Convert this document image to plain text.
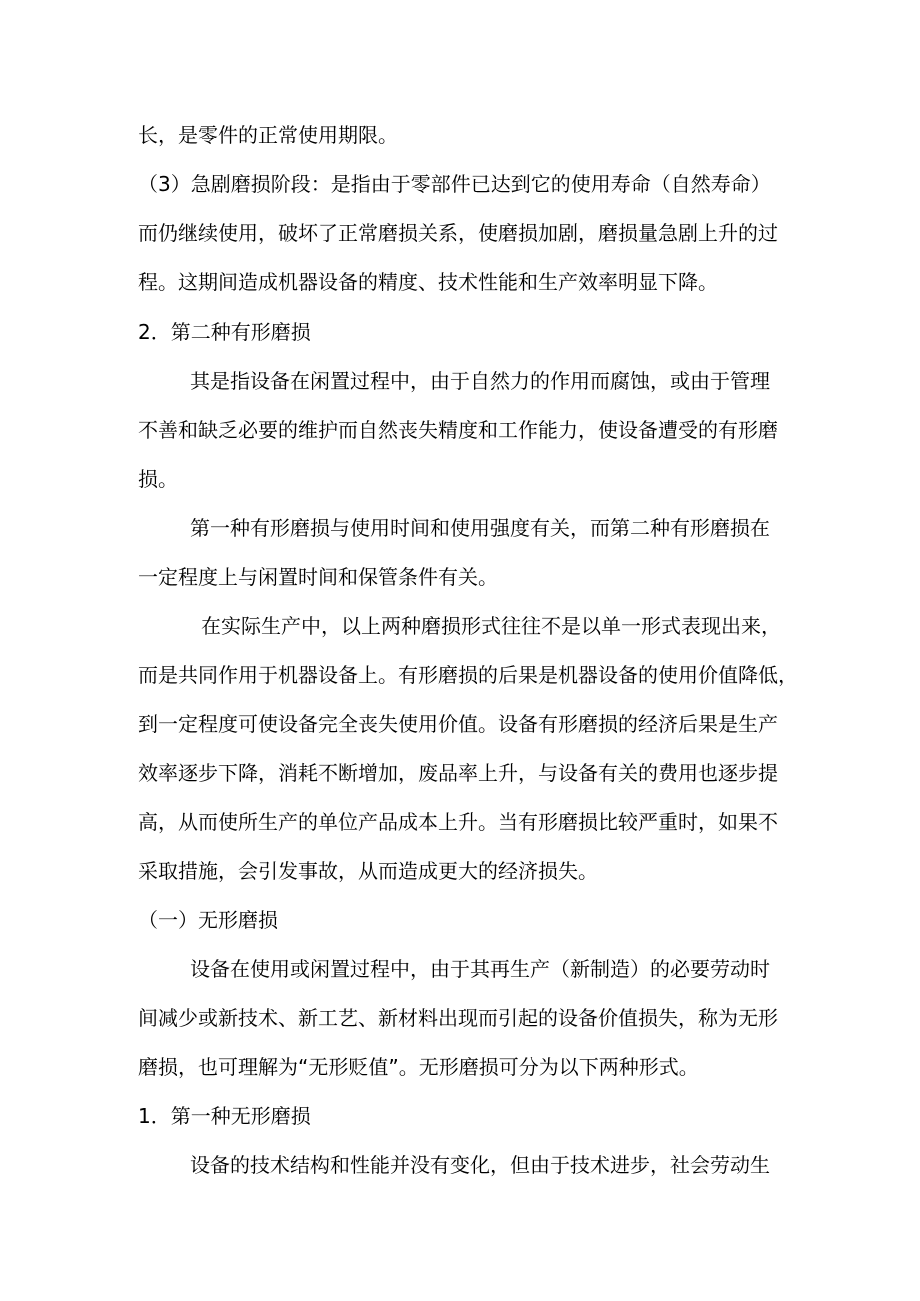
长，是零件的正常使用期限。
（3）急剧磨损阶段：是指由于零部件已达到它的使用寿命（自然寿命）
而仍继续使用，破坏了正常磨损关系，使磨损加剧，磨损量急剧上升的过
程。这期间造成机器设备的精度、技术性能和生产效率明显下降。
2．第二种有形磨损
其是指设备在闲置过程中，由于自然力的作用而腐蚀，或由于管理
不善和缺乏必要的维护而自然丧失精度和工作能力，使设备遭受的有形磨
损。
第一种有形磨损与使用时间和使用强度有关，而第二种有形磨损在
一定程度上与闲置时间和保管条件有关。
在实际生产中，以上两种磨损形式往往不是以单一形式表现出来，
而是共同作用于机器设备上。有形磨损的后果是机器设备的使用价值降低，
到一定程度可使设备完全丧失使用价值。设备有形磨损的经济后果是生产
效率逐步下降，消耗不断增加，废品率上升，与设备有关的费用也逐步提
高，从而使所生产的单位产品成本上升。当有形磨损比较严重时，如果不
采取措施，会引发事故，从而造成更大的经济损失。
（一）无形磨损
设备在使用或闲置过程中，由于其再生产（新制造）的必要劳动时
间减少或新技术、新工艺、新材料出现而引起的设备价值损失，称为无形
磨损，也可理解为“无形贬值”。无形磨损可分为以下两种形式。
1．第一种无形磨损
设备的技术结构和性能并没有变化，但由于技术进步，社会劳动生
